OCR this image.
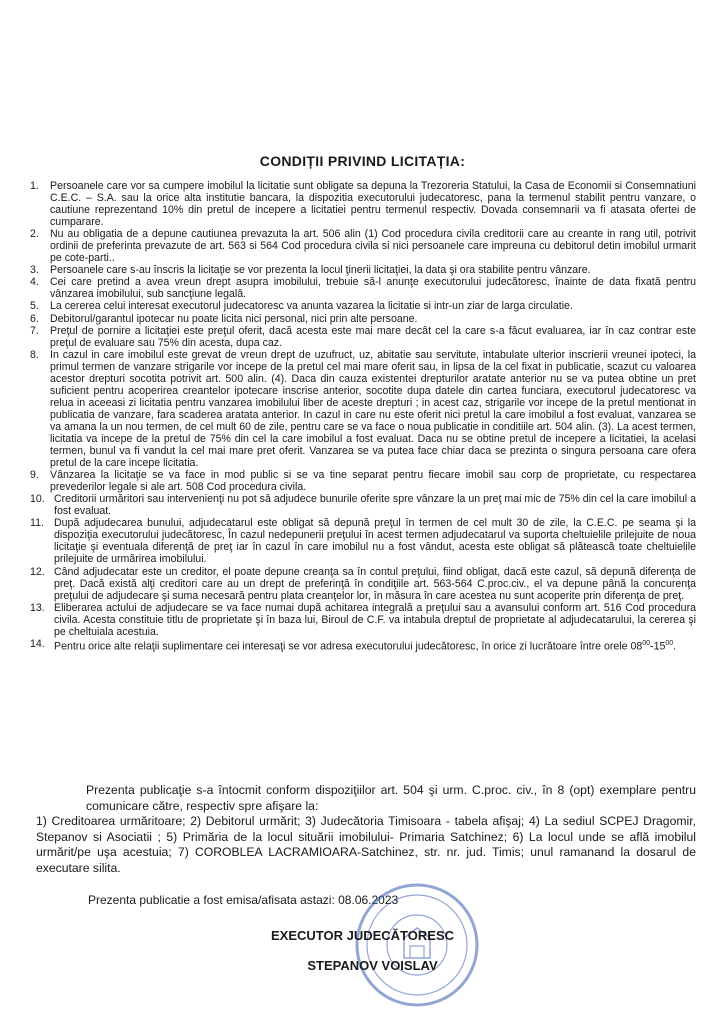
CONDIȚII PRIVIND LICITAȚIA:
1. Persoanele care vor sa cumpere imobilul la licitatie sunt obligate sa depuna la Trezoreria Statului, la Casa de Economii si Consemnatiuni C.E.C. – S.A. sau la orice alta institutie bancara, la dispozitia executorului judecatoresc, pana la termenul stabilit pentru vanzare, o cautiune reprezentand 10% din pretul de incepere a licitatiei pentru termenul respectiv. Dovada consemnarii va fi atasata ofertei de cumparare.
2. Nu au obligatia de a depune cautiunea prevazuta la art. 506 alin (1) Cod procedura civila creditorii care au creante in rang util, potrivit ordinii de preferinta prevazute de art. 563 si 564 Cod procedura civila si nici persoanele care impreuna cu debitorul detin imobilul urmarit pe cote-parti..
3. Persoanele care s-au înscris la licitaţie se vor prezenta la locul ţinerii licitaţiei, la data şi ora stabilite pentru vânzare.
4. Cei care pretind a avea vreun drept asupra imobilului, trebuie să-l anunţe executorului judecătoresc, înainte de data fixată pentru vânzarea imobilului, sub sancţiune legală.
5. La cererea celui interesat executorul judecatoresc va anunta vazarea la licitatie si intr-un ziar de larga circulatie.
6. Debitorul/garantul ipotecar nu poate licita nici personal, nici prin alte persoane.
7. Preţul de pornire a licitaţiei este preţul oferit, dacă acesta este mai mare decât cel la care s-a făcut evaluarea, iar în caz contrar este preţul de evaluare sau 75% din acesta, dupa caz.
8. In cazul in care imobilul este grevat de vreun drept de uzufruct, uz, abitatie sau servitute, intabulate ulterior inscrierii vreunei ipoteci, la primul termen de vanzare strigarile vor incepe de la pretul cel mai mare oferit sau, in lipsa de la cel fixat in publicatie, scazut cu valoarea acestor drepturi socotita potrivit art. 500 alin. (4). Daca din cauza existentei drepturilor aratate anterior nu se va putea obtine un pret suficient pentru acoperirea creantelor ipotecare inscrise anterior, socotite dupa datele din cartea funciara, executorul judecatoresc va relua in aceeasi zi licitatia pentru vanzarea imobilului liber de aceste drepturi ; in acest caz, strigarile vor incepe de la pretul mentionat in publicatia de vanzare, fara scaderea aratata anterior. In cazul in care nu este oferit nici pretul la care imobilul a fost evaluat, vanzarea se va amana la un nou termen, de cel mult 60 de zile, pentru care se va face o noua publicatie in conditiile art. 504 alin. (3). La acest termen, licitatia va incepe de la pretul de 75% din cel la care imobilul a fost evaluat. Daca nu se obtine pretul de incepere a licitatiei, la acelasi termen, bunul va fi vandut la cel mai mare pret oferit. Vanzarea se va putea face chiar daca se prezinta o singura persoana care ofera pretul de la care incepe licitatia.
9. Vânzarea la licitaţie se va face in mod public si se va tine separat pentru fiecare imobil sau corp de proprietate, cu respectarea prevederilor legale si ale art. 508 Cod procedura civila.
10. Creditorii urmăritori sau intervenienţi nu pot să adjudece bunurile oferite spre vânzare la un preţ mai mic de 75% din cel la care imobilul a fost evaluat.
11. După adjudecarea bunului, adjudecatarul este obligat să depună preţul în termen de cel mult 30 de zile, la C.E.C. pe seama şi la dispoziţia executorului judecătoresc, În cazul nedepunerii preţului în acest termen adjudecatarul va suporta cheltuielile prilejuite de noua licitaţie şi eventuala diferenţă de preţ iar în cazul în care imobilul nu a fost vândut, acesta este obligat să plătească toate cheltuielile prilejuite de urmărirea imobilului.
12. Când adjudecatar este un creditor, el poate depune creanţa sa în contul preţului, fiind obligat, dacă este cazul, să depună diferenţa de preţ. Dacă există alţi creditori care au un drept de preferinţă în condiţiile art. 563-564 C.proc.civ., el va depune până la concurenţa preţului de adjudecare şi suma necesară pentru plata creanţelor lor, în măsura în care acestea nu sunt acoperite prin diferenţa de preţ.
13. Eliberarea actului de adjudecare se va face numai după achitarea integrală a preţului sau a avansului conform art. 516 Cod procedura civila. Acesta constituie titlu de proprietate şi în baza lui, Biroul de C.F. va intabula dreptul de proprietate al adjudecatarului, la cererea şi pe cheltuiala acestuia.
14. Pentru orice alte relaţii suplimentare cei interesaţi se vor adresa executorului judecătoresc, în orice zi lucrătoare între orele $08^{00}-15^{00}$.
Prezenta publicaţie s-a întocmit conform dispoziţiilor art. 504 şi urm. C.proc. civ., în 8 (opt) exemplare pentru comunicare către, respectiv spre afişare la:
1) Creditoarea urmăritoare; 2) Debitorul urmărit; 3) Judecătoria Timisoara - tabela afişaj; 4) La sediul SCPEJ Dragomir, Stepanov si Asociatii ; 5) Primăria de la locul situării imobilului- Primaria Satchinez; 6) La locul unde se află imobilul urmărit/pe uşa acestuia; 7) COROBLEA LACRAMIOARA-Satchinez, str. nr. jud. Timis; unul ramanand la dosarul de executare silita.
Prezenta publicatie a fost emisa/afisata astazi: 08.06.2023
EXECUTOR JUDECĂTORESC
STEPANOV VOISLAV
